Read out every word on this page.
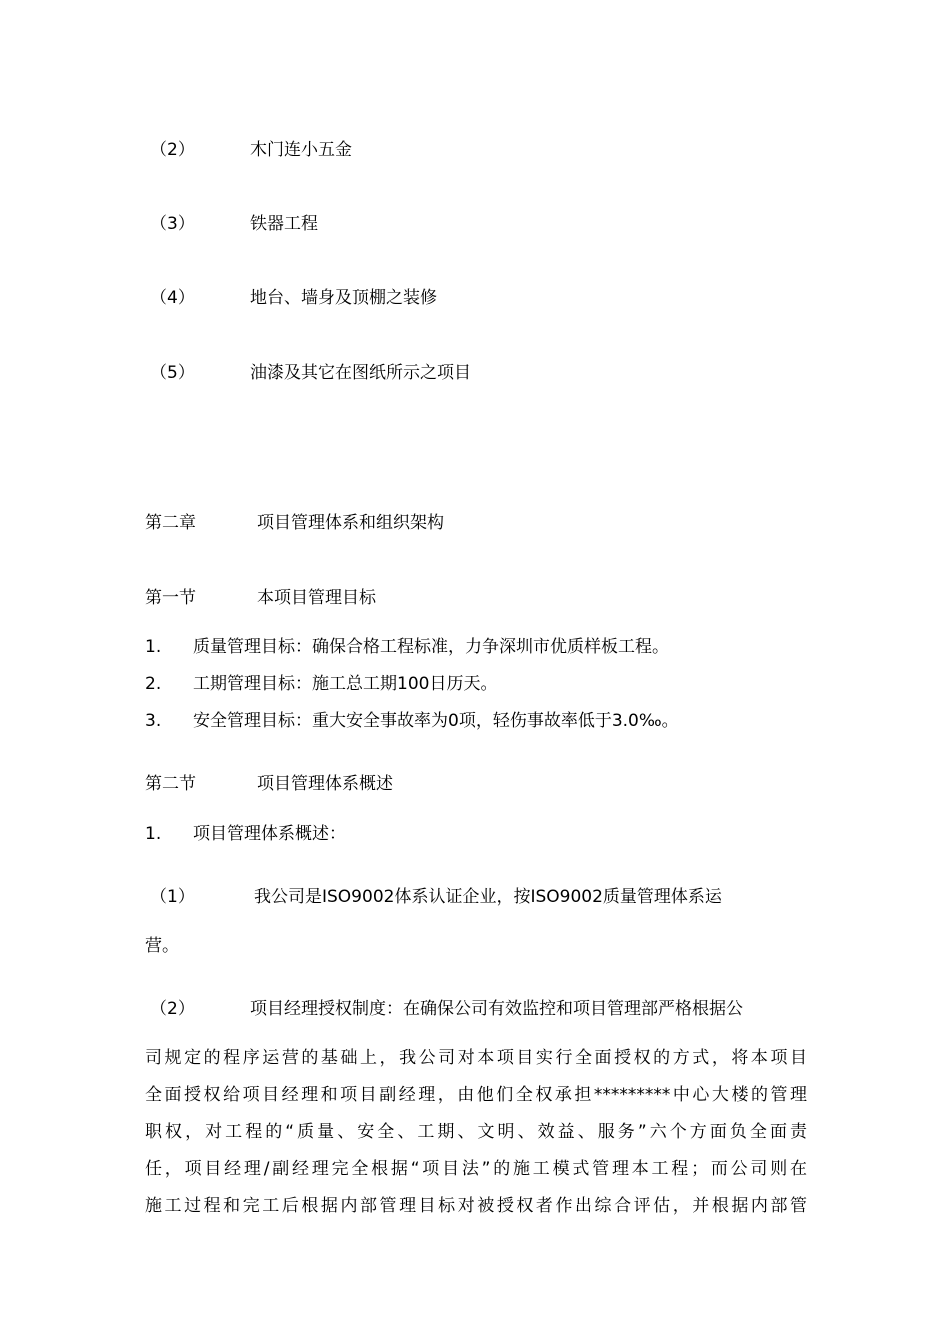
（2）	木门连小五金
（3）	铁器工程
（4）	地台、墙身及顶棚之装修
（5）	油漆及其它在图纸所示之项目
第二章	项目管理体系和组织架构
第一节	本项目管理目标
1. 质量管理目标：确保合格工程标准，力争深圳市优质样板工程。
2. 工期管理目标：施工总工期100日历天。
3. 安全管理目标：重大安全事故率为0项，轻伤事故率低于3.0‰。
第二节	项目管理体系概述
1. 项目管理体系概述：
（1）	我公司是ISO9002体系认证企业，按ISO9002质量管理体系运
营。
（2）	项目经理授权制度：在确保公司有效监控和项目管理部严格根据公
司规定的程序运营的基础上，我公司对本项目实行全面授权的方式，将本项目
全面授权给项目经理和项目副经理，由他们全权承担*********中心大楼的管理
职权，对工程的“质量、安全、工期、文明、效益、服务”六个方面负全面责
任，项目经理/副经理完全根据“项目法”的施工模式管理本工程；而公司则在
施工过程和完工后根据内部管理目标对被授权者作出综合评估，并根据内部管
